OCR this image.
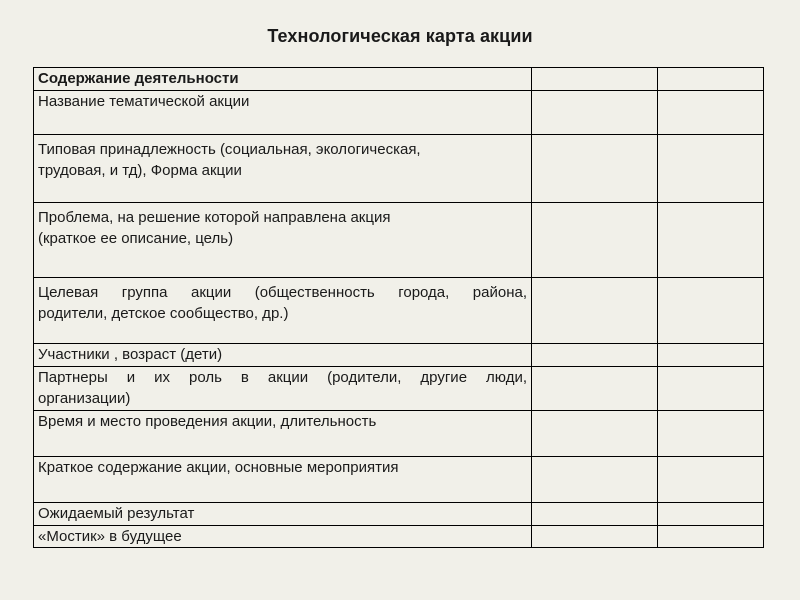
Технологическая карта акции
Содержание деятельности		

Название тематической акции		

Типовая принадлежность (социальная, экологическая,
трудовая, и тд), Форма акции		

Проблема, на решение которой направлена акция
(краткое ее описание, цель)		

Целевая группа акции (общественность города, района,
родители, детское сообщество, др.)		

Участники , возраст (дети)		

Партнеры и их роль в акции (родители, другие люди,
организации)		

Время и место проведения акции, длительность		

Краткое содержание акции, основные мероприятия		

Ожидаемый результат		

«Мостик» в будущее		
